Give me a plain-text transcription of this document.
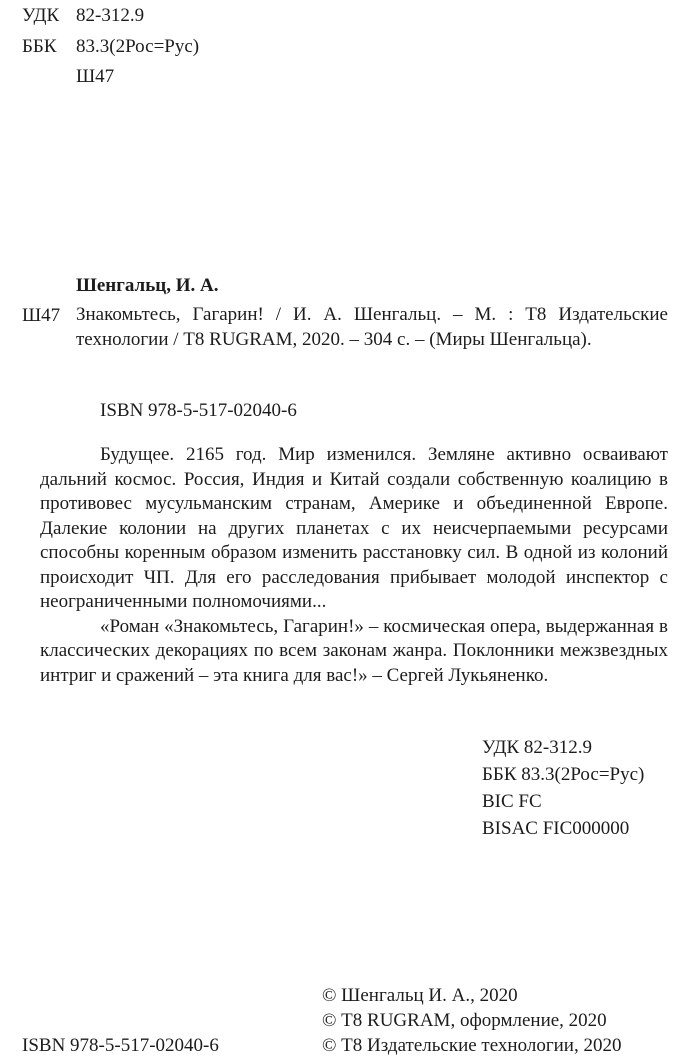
УДК 82-312.9
ББК 83.3(2Рос=Рус)
Ш47
Шенгальц, И. А.
Ш47 Знакомьтесь, Гагарин! / И. А. Шенгальц. – М. : Т8 Издательские технологии / Т8 RUGRAM, 2020. – 304 с. – (Миры Шенгальца).

ISBN 978-5-517-02040-6

Будущее. 2165 год. Мир изменился. Земляне активно осваивают дальний космос. Россия, Индия и Китай создали собственную коалицию в противовес мусульманским странам, Америке и объединенной Европе. Далекие колонии на других планетах с их неисчерпаемыми ресурсами способны коренным образом изменить расстановку сил. В одной из колоний происходит ЧП. Для его расследования прибывает молодой инспектор с неограниченными полномочиями...

«Роман «Знакомьтесь, Гагарин!» – космическая опера, выдержанная в классических декорациях по всем законам жанра. Поклонники межзвездных интриг и сражений – эта книга для вас!» – Сергей Лукьяненко.

УДК 82-312.9
ББК 83.3(2Рос=Рус)
BIC FC
BISAC FIC000000
© Шенгальц И. А., 2020
© Т8 RUGRAM, оформление, 2020
ISBN 978-5-517-02040-6	© Т8 Издательские технологии, 2020
